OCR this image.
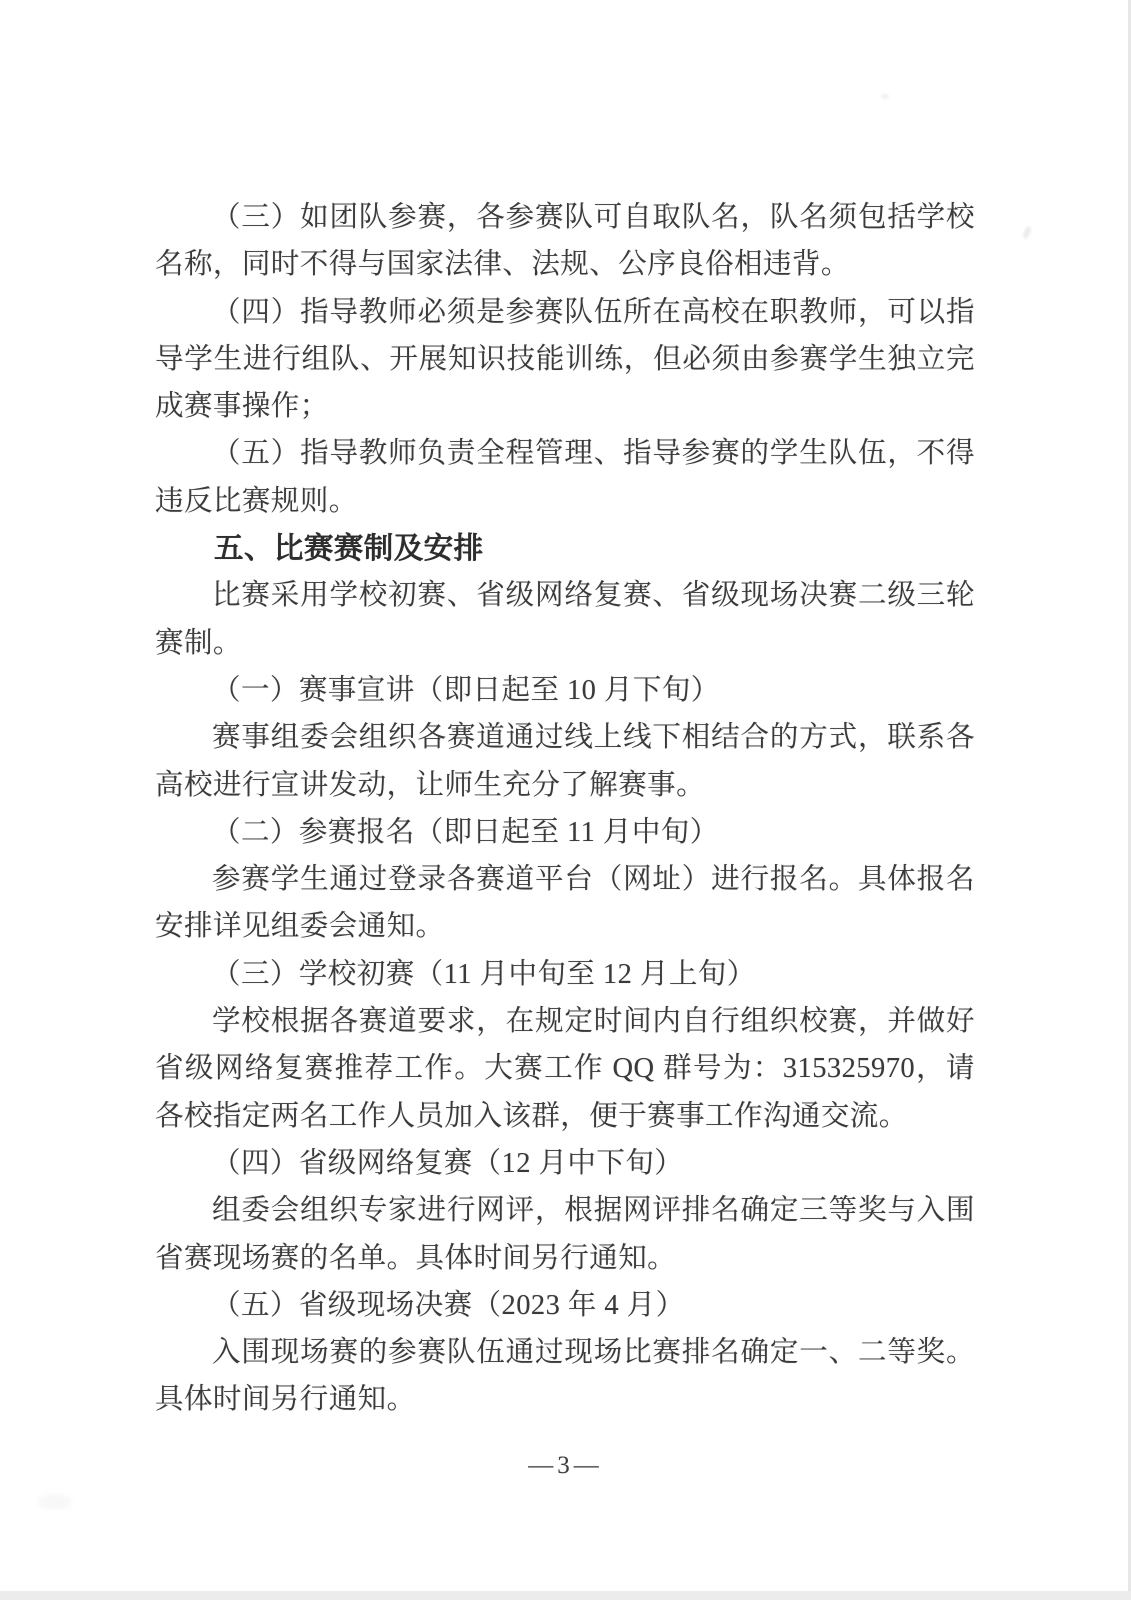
（三）如团队参赛，各参赛队可自取队名，队名须包括学校名称，同时不得与国家法律、法规、公序良俗相违背。

（四）指导教师必须是参赛队伍所在高校在职教师，可以指导学生进行组队、开展知识技能训练，但必须由参赛学生独立完成赛事操作；

（五）指导教师负责全程管理、指导参赛的学生队伍，不得违反比赛规则。

五、比赛赛制及安排

比赛采用学校初赛、省级网络复赛、省级现场决赛二级三轮赛制。

（一）赛事宣讲（即日起至 10 月下旬）

赛事组委会组织各赛道通过线上线下相结合的方式，联系各高校进行宣讲发动，让师生充分了解赛事。

（二）参赛报名（即日起至 11 月中旬）

参赛学生通过登录各赛道平台（网址）进行报名。具体报名安排详见组委会通知。

（三）学校初赛（11 月中旬至 12 月上旬）

学校根据各赛道要求，在规定时间内自行组织校赛，并做好省级网络复赛推荐工作。大赛工作 QQ 群号为：315325970，请各校指定两名工作人员加入该群，便于赛事工作沟通交流。

（四）省级网络复赛（12 月中下旬）

组委会组织专家进行网评，根据网评排名确定三等奖与入围省赛现场赛的名单。具体时间另行通知。

（五）省级现场决赛（2023 年 4 月）

入围现场赛的参赛队伍通过现场比赛排名确定一、二等奖。具体时间另行通知。

—3—
